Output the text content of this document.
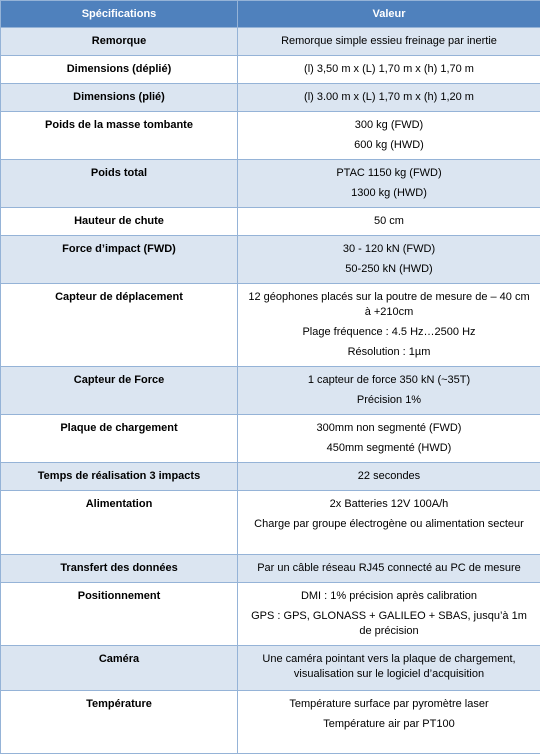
Spécifications	Valeur
Remorque	Remorque simple essieu freinage par inertie

Dimensions (déplié)	(l) 3,50 m x (L) 1,70 m x (h) 1,70 m

Dimensions (plié)	(l) 3.00 m x (L) 1,70 m x (h) 1,20 m

Poids de la masse tombante	300 kg (FWD)

600 kg (HWD)

Poids total	PTAC 1150 kg (FWD)

1300 kg (HWD)

Hauteur de chute	50 cm

Force d’impact (FWD)	30 - 120 kN (FWD)

50-250 kN (HWD)

Capteur de déplacement	12 géophones placés sur la poutre de mesure de – 40 cm à +210cm

Plage fréquence : 4.5 Hz…2500 Hz

Résolution : 1µm

Capteur de Force	1 capteur de force 350 kN (~35T)

Précision 1%

Plaque de chargement	300mm non segmenté (FWD)

450mm segmenté (HWD)

Temps de réalisation 3 impacts	22 secondes

Alimentation	2x Batteries 12V 100A/h

Charge par groupe électrogène ou alimentation secteur

Transfert des données	Par un câble réseau RJ45 connecté au PC de mesure

Positionnement	DMI : 1% précision après calibration

GPS : GPS, GLONASS + GALILEO + SBAS, jusqu’à 1m de précision

Caméra	Une caméra pointant vers la plaque de chargement, visualisation sur le logiciel d’acquisition

Température	Température surface par pyromètre laser

Température air par PT100
